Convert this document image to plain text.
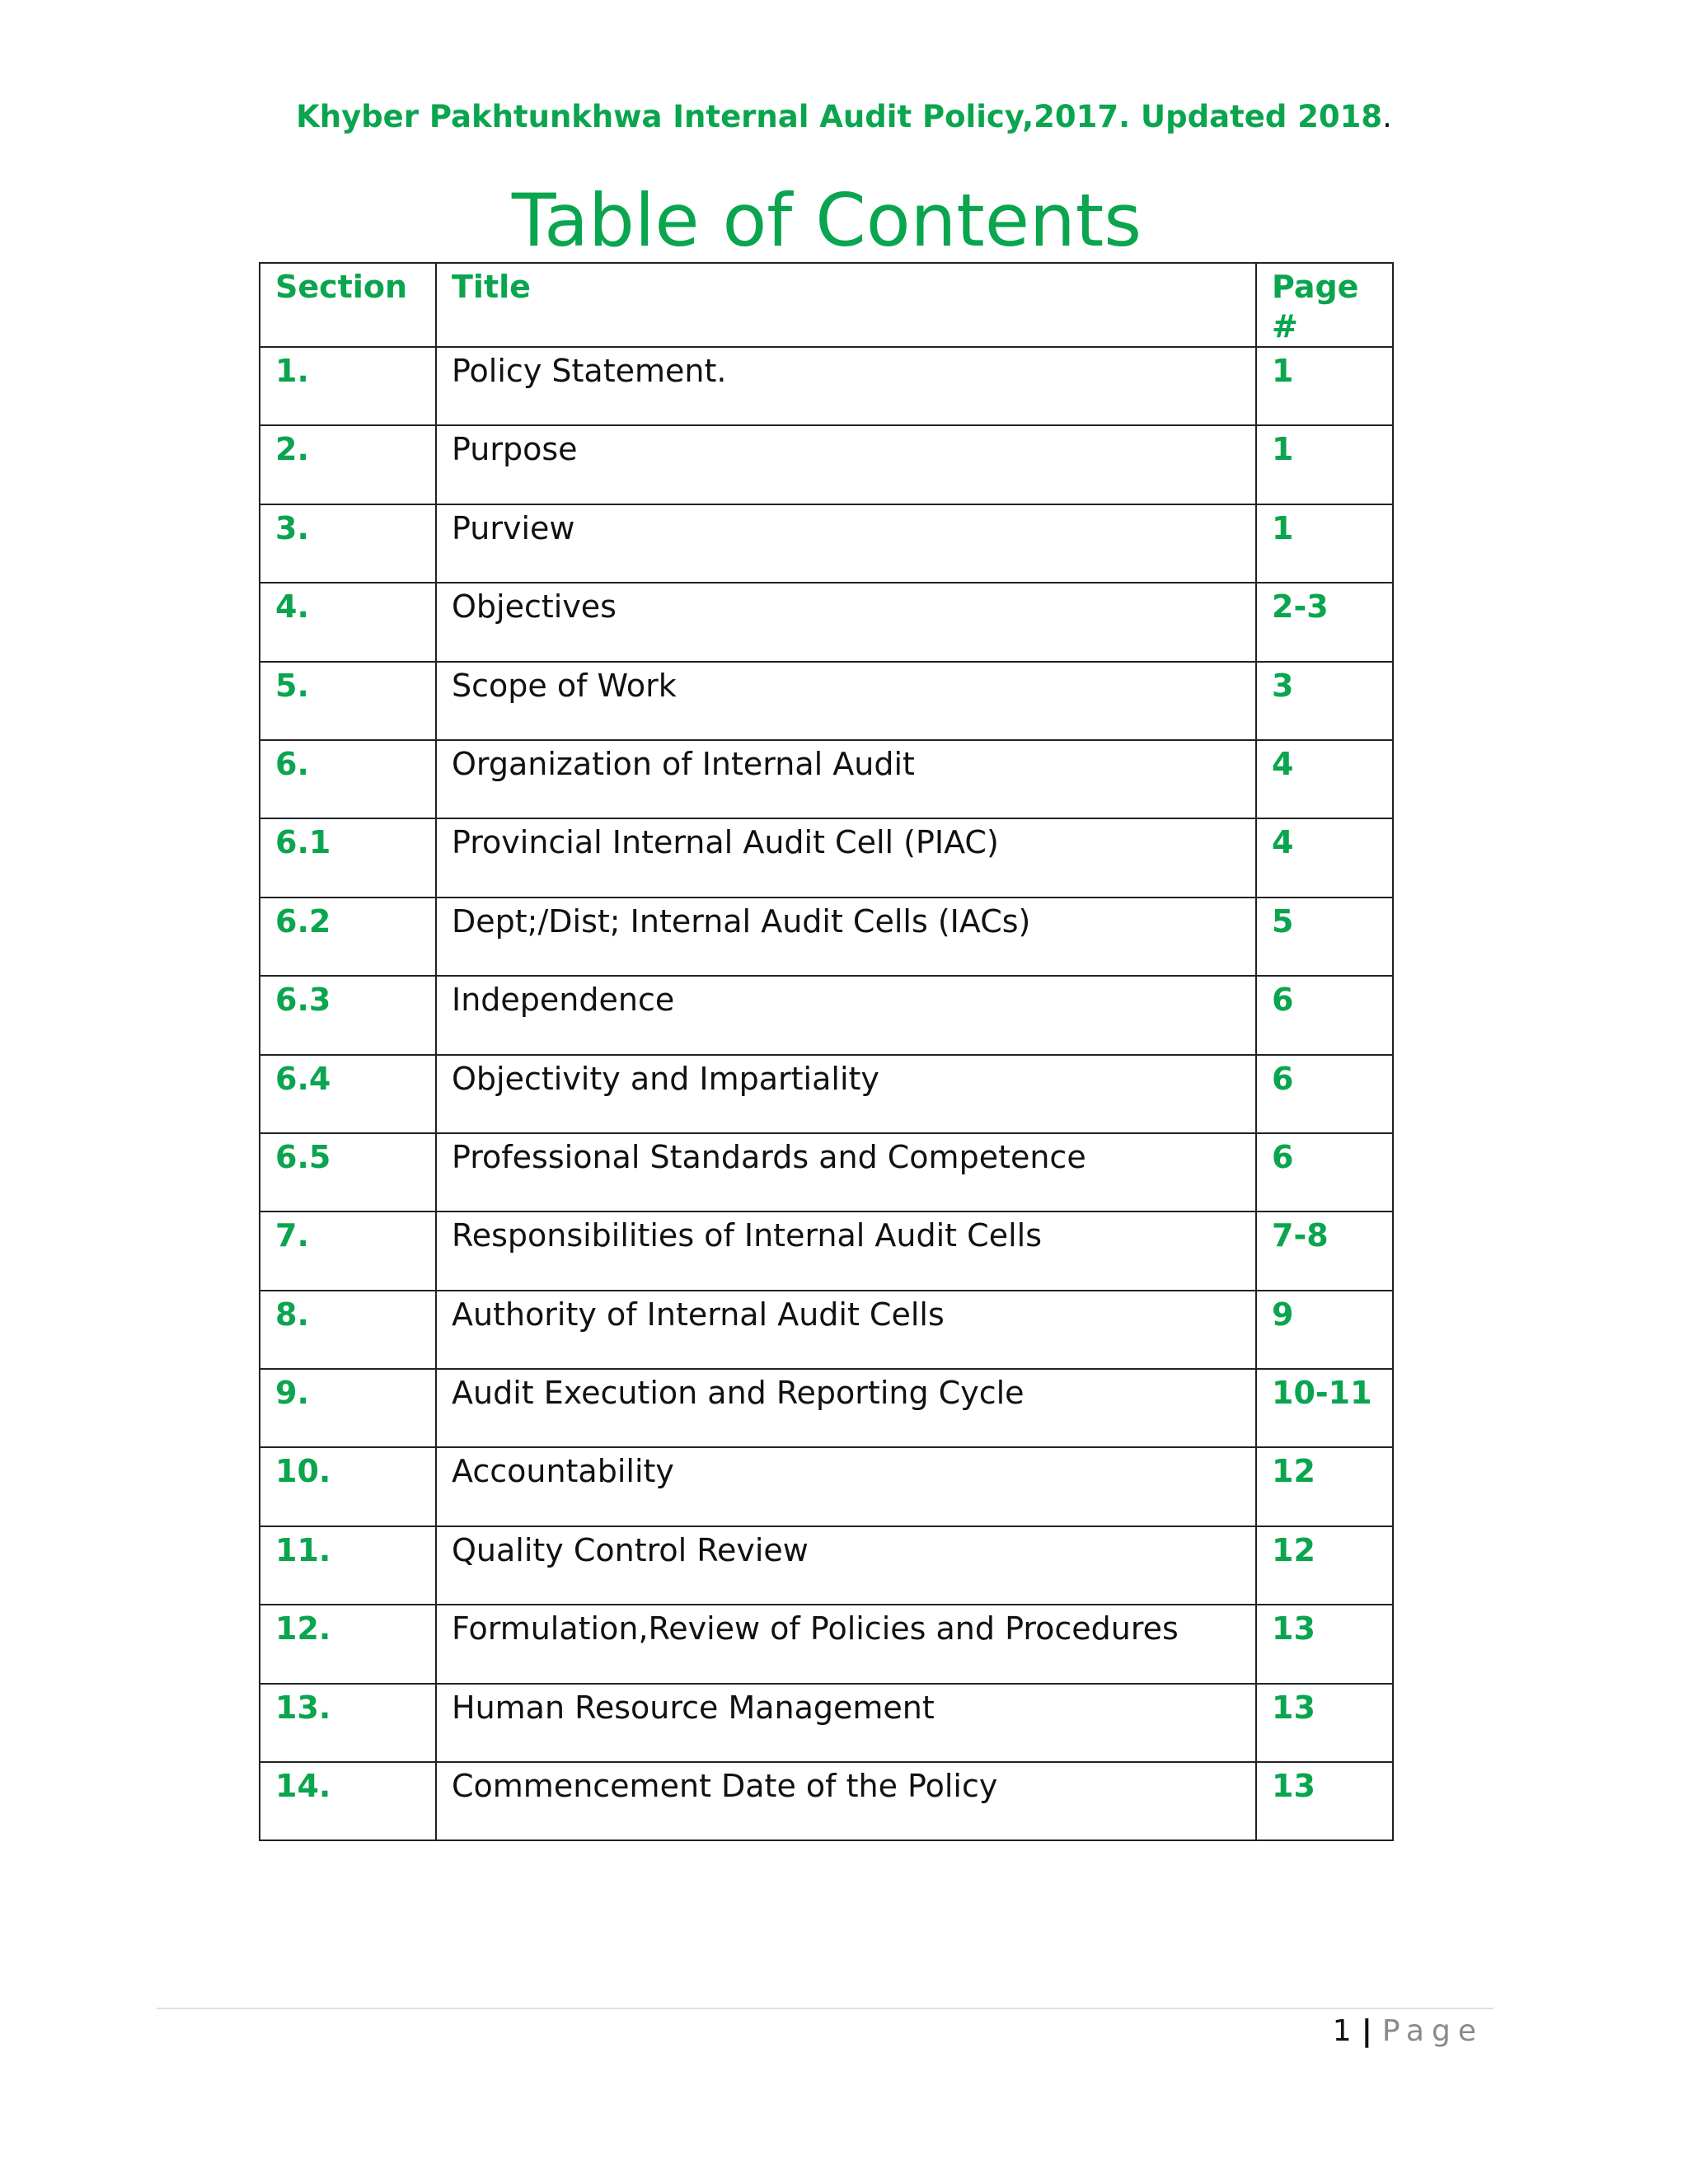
Khyber Pakhtunkhwa Internal Audit Policy,2017. Updated 2018.
Table of Contents
Section	Title	Page #
1.	Policy Statement.	1
2.	Purpose	1
3.	Purview	1
4.	Objectives	2-3
5.	Scope of Work	3
6.	Organization of Internal Audit	4
6.1	Provincial Internal Audit Cell (PIAC)	4
6.2	Dept;/Dist; Internal Audit Cells (IACs)	5
6.3	Independence	6
6.4	Objectivity and Impartiality	6
6.5	Professional Standards and Competence	6
7.	Responsibilities of Internal Audit Cells	7-8
8.	Authority of Internal Audit Cells	9
9.	Audit Execution and Reporting Cycle	10-11
10.	Accountability	12
11.	Quality Control Review	12
12.	Formulation,Review of Policies and Procedures	13
13.	Human Resource Management	13
14.	Commencement Date of the Policy	13
1 | Page
